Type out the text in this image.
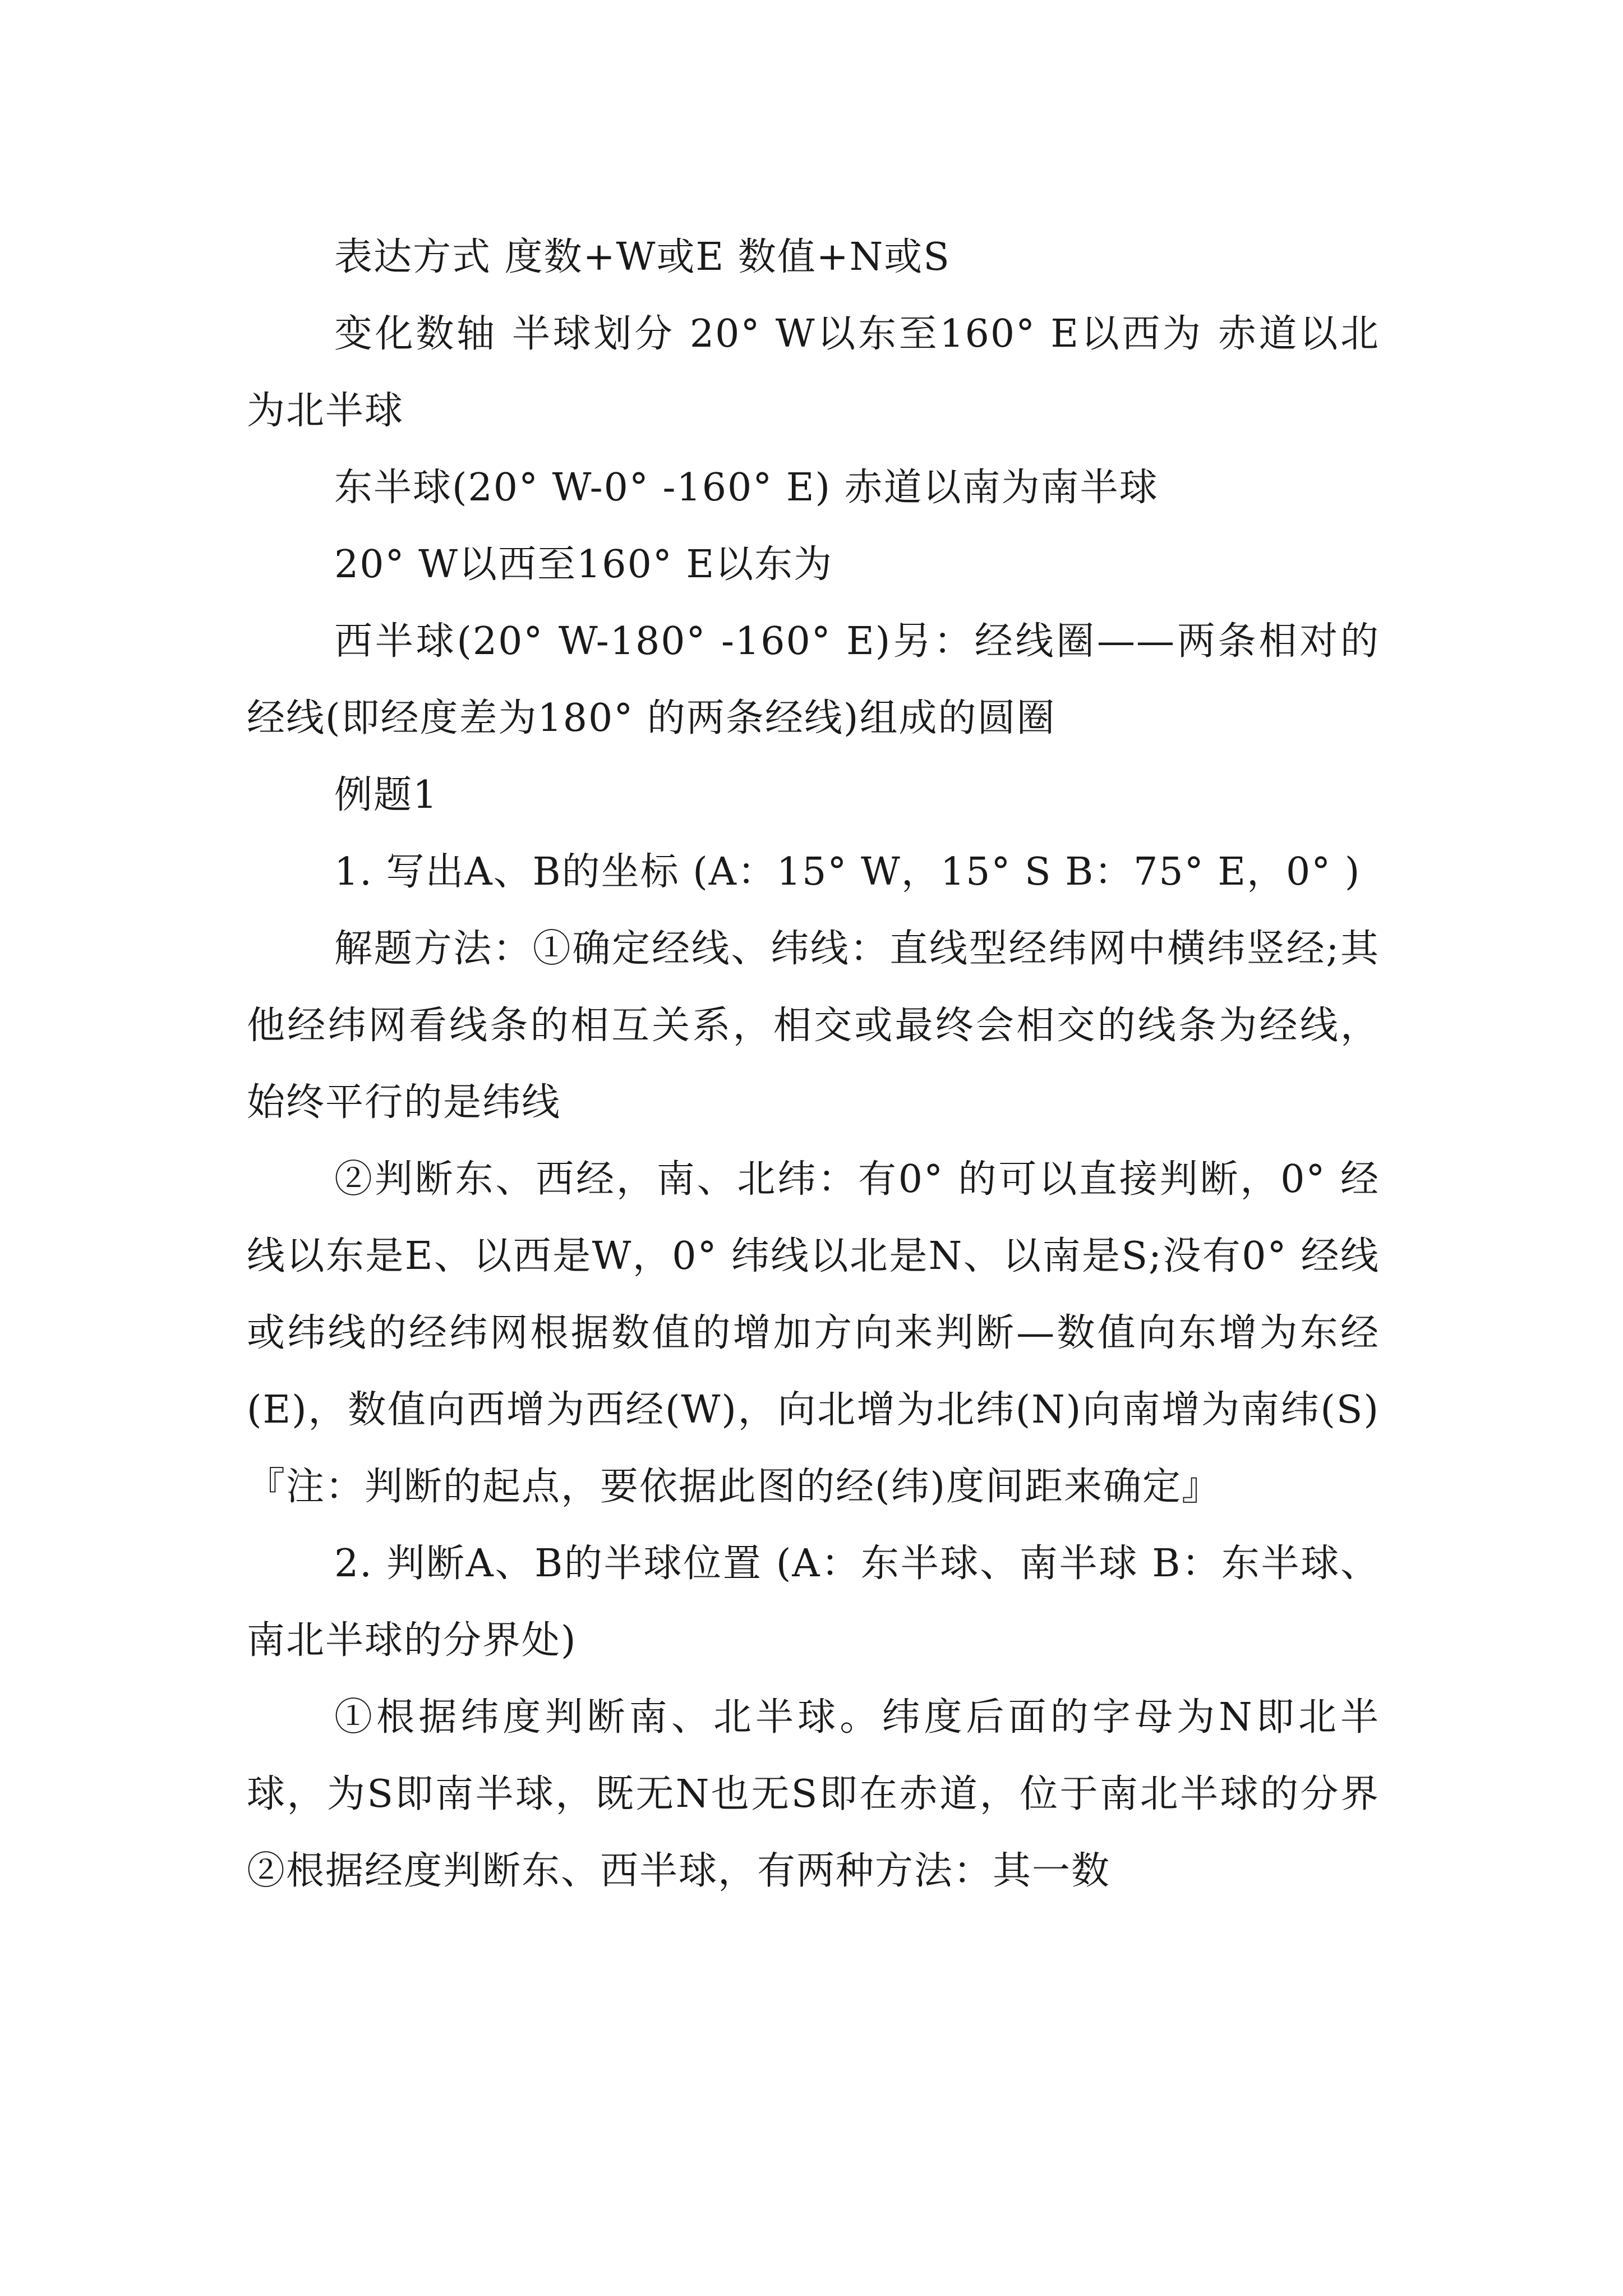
表达方式 度数+W或E 数值+N或S

变化数轴 半球划分 20° W以东至160° E以西为 赤道以北为北半球

东半球(20° W-0° -160° E) 赤道以南为南半球

20° W以西至160° E以东为

西半球(20° W-180° -160° E)另：经线圈——两条相对的经线(即经度差为180° 的两条经线)组成的圆圈

例题1

1. 写出A、B的坐标 (A：15° W，15° S B：75° E，0° )

解题方法：①确定经线、纬线：直线型经纬网中横纬竖经;其他经纬网看线条的相互关系，相交或最终会相交的线条为经线，始终平行的是纬线

②判断东、西经，南、北纬：有0° 的可以直接判断，0° 经线以东是E、以西是W，0° 纬线以北是N、以南是S;没有0° 经线或纬线的经纬网根据数值的增加方向来判断—数值向东增为东经(E)，数值向西增为西经(W)，向北增为北纬(N)向南增为南纬(S)『注：判断的起点，要依据此图的经(纬)度间距来确定』

2. 判断A、B的半球位置 (A：东半球、南半球 B：东半球、南北半球的分界处)

①根据纬度判断南、北半球。纬度后面的字母为N即北半球，为S即南半球，既无N也无S即在赤道，位于南北半球的分界②根据经度判断东、西半球，有两种方法：其一数
